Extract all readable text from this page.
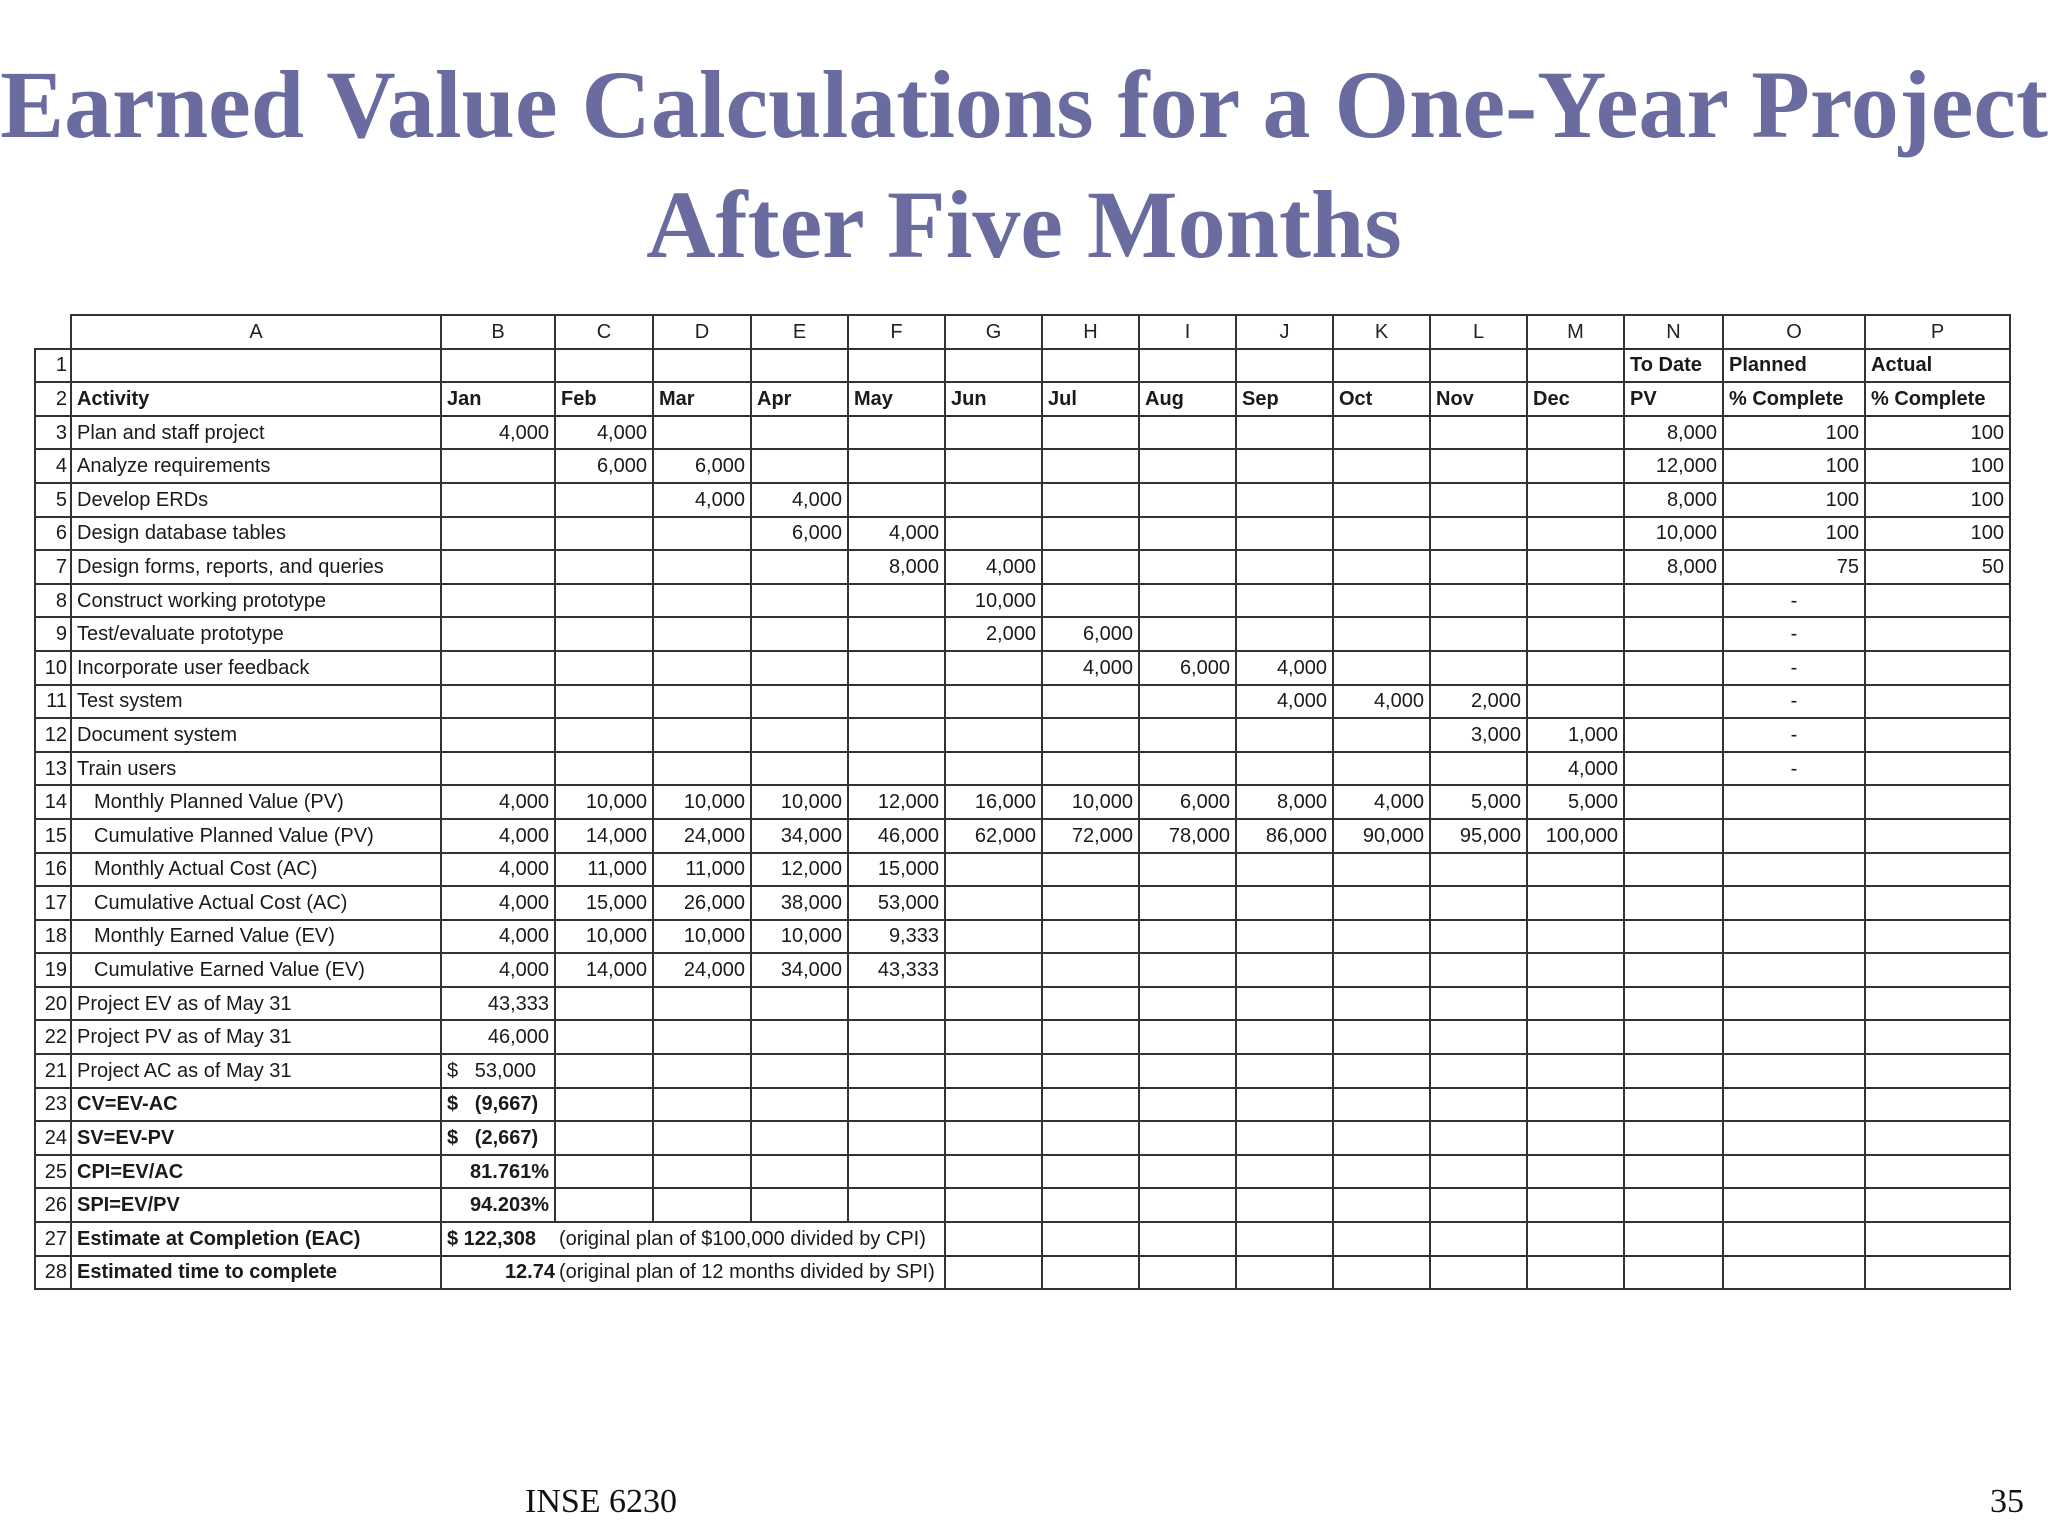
Earned Value Calculations for a One-Year Project After Five Months
	A	B	C	D	E	F	G	H	I	J	K	L	M	N	O	P
1														To Date	Planned	Actual
2	Activity	Jan	Feb	Mar	Apr	May	Jun	Jul	Aug	Sep	Oct	Nov	Dec	PV	% Complete	% Complete
3	Plan and staff project	4,000	4,000											8,000	100	100
4	Analyze requirements		6,000	6,000										12,000	100	100
5	Develop ERDs			4,000	4,000									8,000	100	100
6	Design database tables				6,000	4,000								10,000	100	100
7	Design forms, reports, and queries					8,000	4,000							8,000	75	50
8	Construct working prototype						10,000								-	
9	Test/evaluate prototype						2,000	6,000							-	
10	Incorporate user feedback							4,000	6,000	4,000					-	
11	Test system									4,000	4,000	2,000			-	
12	Document system											3,000	1,000		-	
13	Train users												4,000		-	
14	Monthly Planned Value (PV)	4,000	10,000	10,000	10,000	12,000	16,000	10,000	6,000	8,000	4,000	5,000	5,000			
15	Cumulative Planned Value (PV)	4,000	14,000	24,000	34,000	46,000	62,000	72,000	78,000	86,000	90,000	95,000	100,000			
16	Monthly Actual Cost (AC)	4,000	11,000	11,000	12,000	15,000										
17	Cumulative Actual Cost (AC)	4,000	15,000	26,000	38,000	53,000										
18	Monthly Earned Value (EV)	4,000	10,000	10,000	10,000	9,333										
19	Cumulative Earned Value (EV)	4,000	14,000	24,000	34,000	43,333										
20	Project EV as of May 31	43,333														
22	Project PV as of May 31	46,000														
21	Project AC as of May 31	$   53,000														
23	CV=EV-AC	$   (9,667)														
24	SV=EV-PV	$   (2,667)														
25	CPI=EV/AC	81.761%														
26	SPI=EV/PV	94.203%														
27	Estimate at Completion (EAC)	$ 122,308	(original plan of $100,000 divided by CPI)													
28	Estimated time to complete	12.74	(original plan of 12 months divided by SPI)													
INSE 6230	35
